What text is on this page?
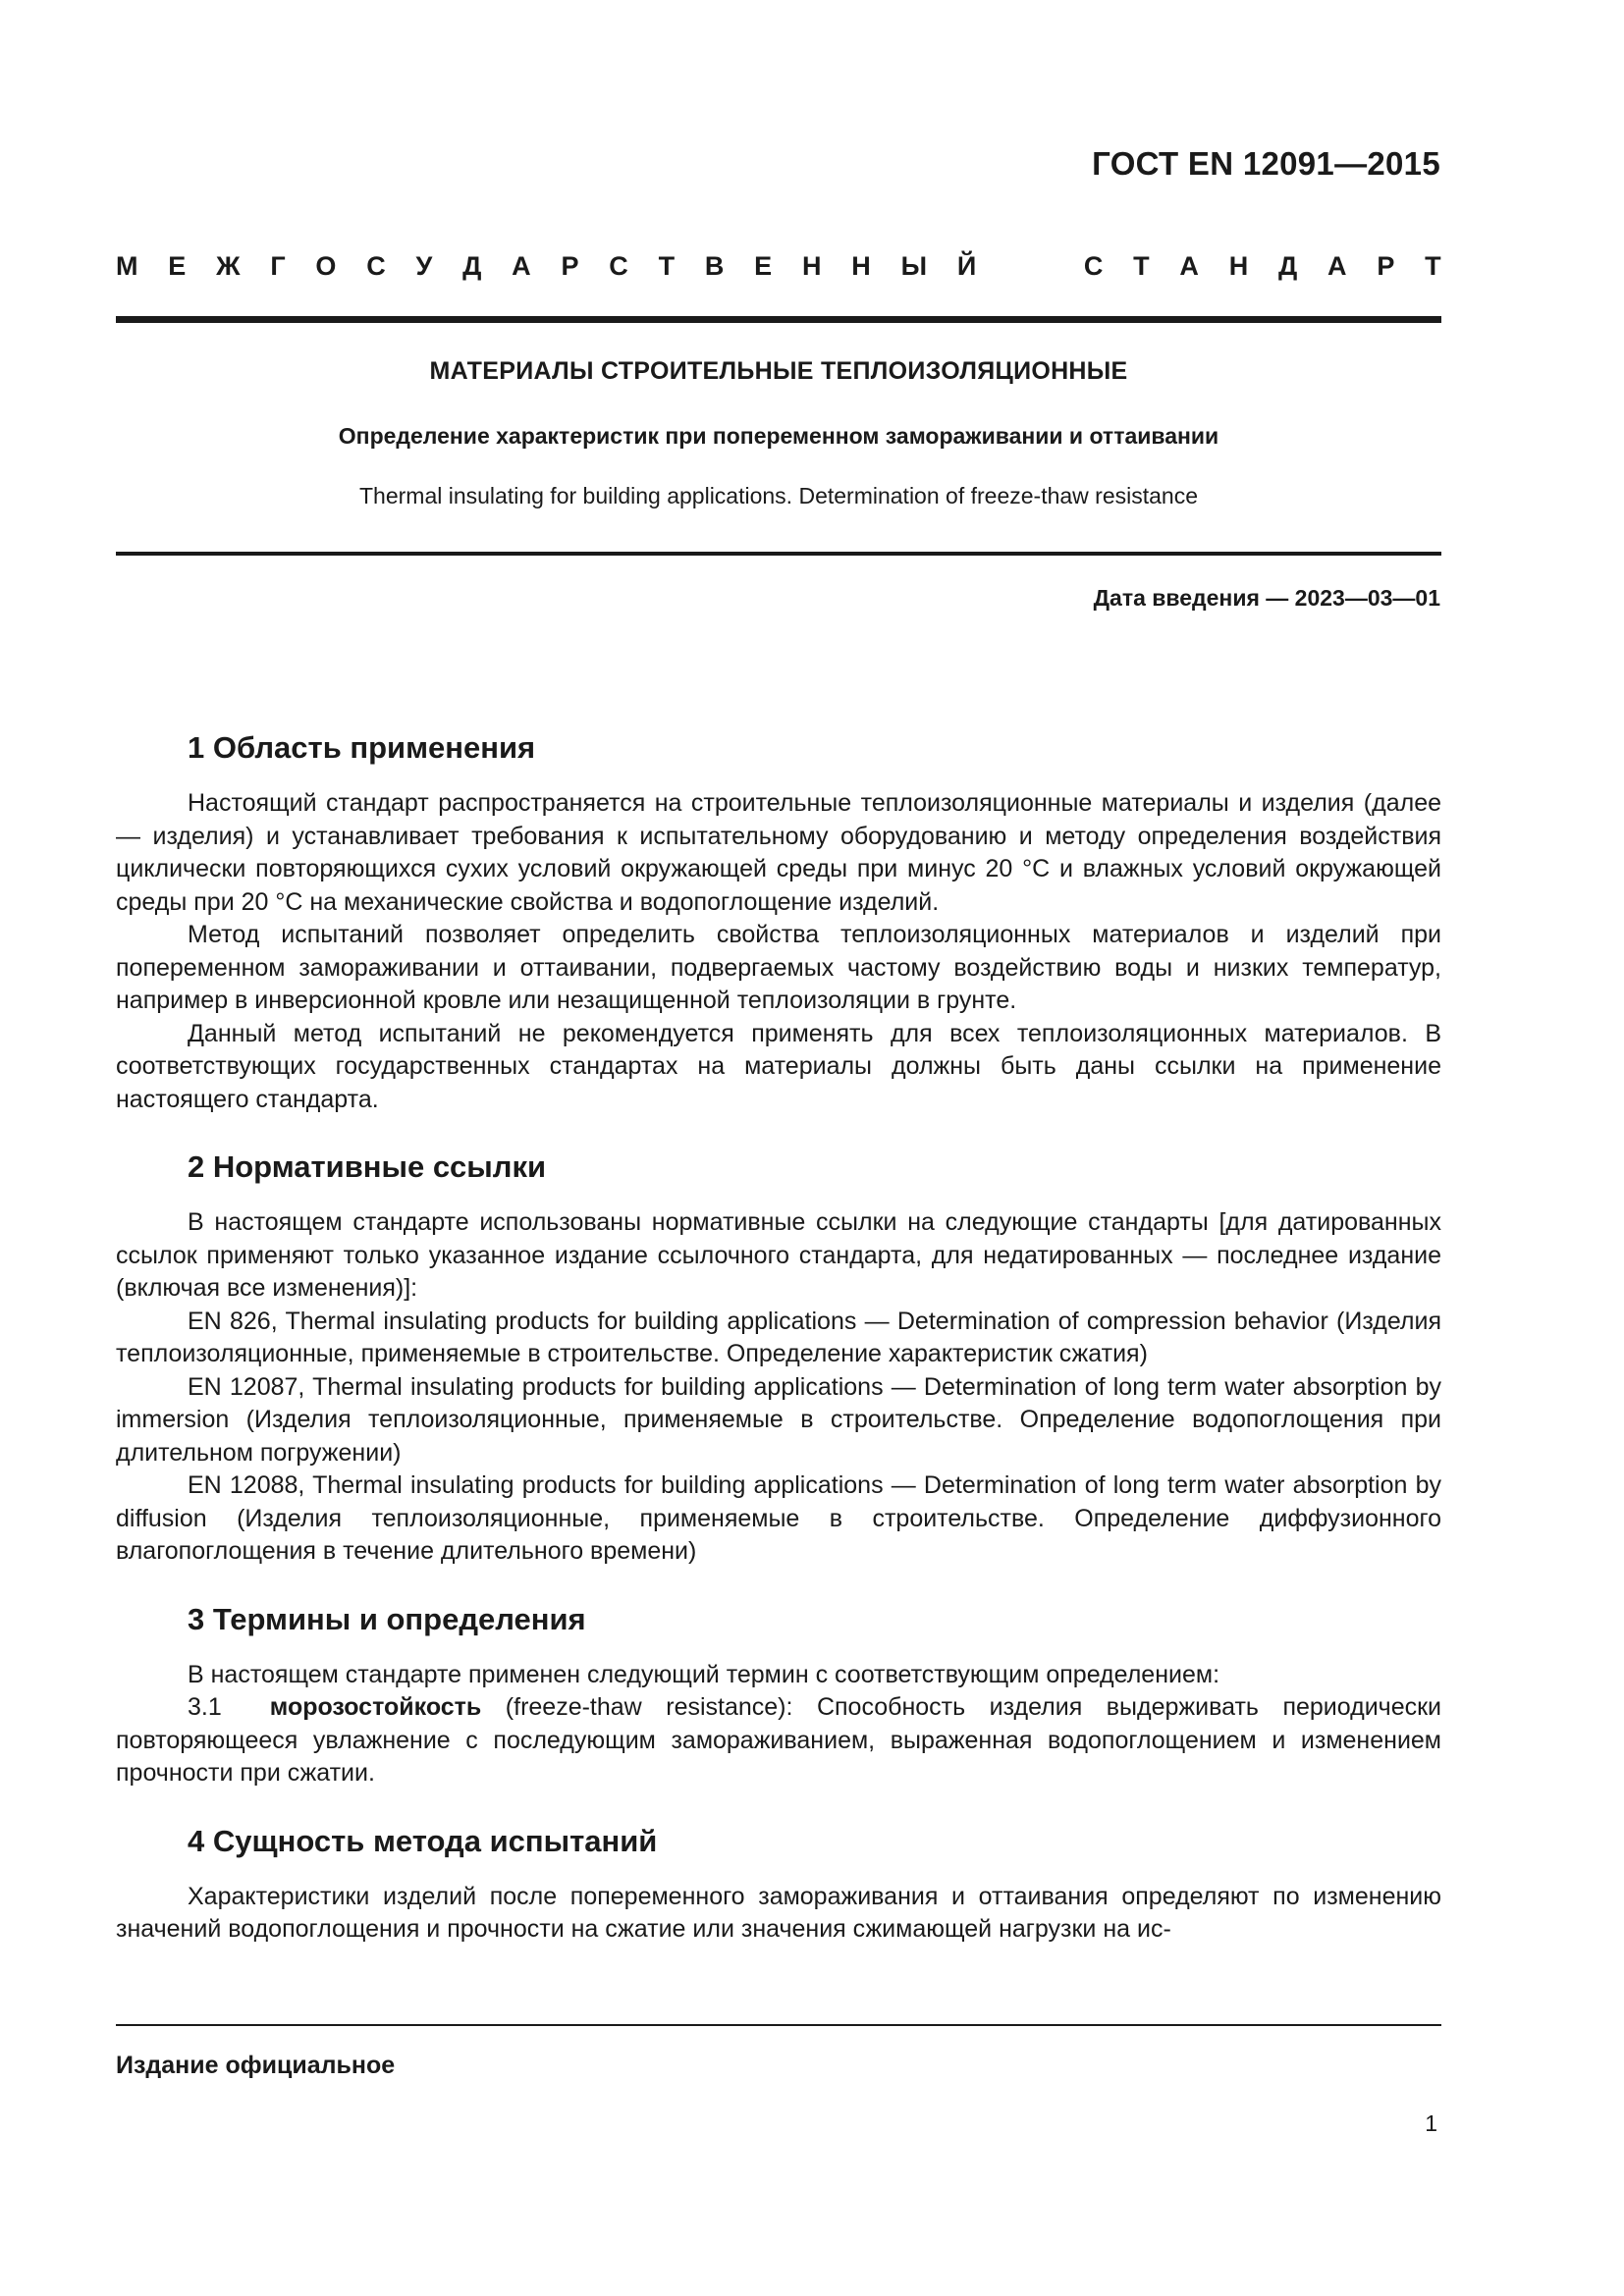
ГОСТ EN 12091—2015
М Е Ж Г О С У Д А Р С Т В Е Н Н Ы Й	С Т А Н Д А Р Т
МАТЕРИАЛЫ СТРОИТЕЛЬНЫЕ ТЕПЛОИЗОЛЯЦИОННЫЕ
Определение характеристик при попеременном замораживании и оттаивании
Thermal insulating for building applications. Determination of freeze-thaw resistance
Дата введения — 2023—03—01
1 Область применения

Настоящий стандарт распространяется на строительные теплоизоляционные материалы и изделия (далее — изделия) и устанавливает требования к испытательному оборудованию и методу определения воздействия циклически повторяющихся сухих условий окружающей среды при минус 20 °С и влажных условий окружающей среды при 20 °С на механические свойства и водопоглощение изделий.

Метод испытаний позволяет определить свойства теплоизоляционных материалов и изделий при попеременном замораживании и оттаивании, подвергаемых частому воздействию воды и низких температур, например в инверсионной кровле или незащищенной теплоизоляции в грунте.

Данный метод испытаний не рекомендуется применять для всех теплоизоляционных материалов. В соответствующих государственных стандартах на материалы должны быть даны ссылки на применение настоящего стандарта.

2 Нормативные ссылки

В настоящем стандарте использованы нормативные ссылки на следующие стандарты [для датированных ссылок применяют только указанное издание ссылочного стандарта, для недатированных — последнее издание (включая все изменения)]:

EN 826, Thermal insulating products for building applications — Determination of compression behavior (Изделия теплоизоляционные, применяемые в строительстве. Определение характеристик сжатия)

EN 12087, Thermal insulating products for building applications — Determination of long term water absorption by immersion (Изделия теплоизоляционные, применяемые в строительстве. Определение водопоглощения при длительном погружении)

EN 12088, Thermal insulating products for building applications — Determination of long term water absorption by diffusion (Изделия теплоизоляционные, применяемые в строительстве. Определение диффузионного влагопоглощения в течение длительного времени)

3 Термины и определения

В настоящем стандарте применен следующий термин с соответствующим определением:

3.1 морозостойкость (freeze-thaw resistance): Способность изделия выдерживать периодически повторяющееся увлажнение с последующим замораживанием, выраженная водопоглощением и изменением прочности при сжатии.

4 Сущность метода испытаний

Характеристики изделий после попеременного замораживания и оттаивания определяют по изменению значений водопоглощения и прочности на сжатие или значения сжимающей нагрузки на ис-

Издание официальное
1
